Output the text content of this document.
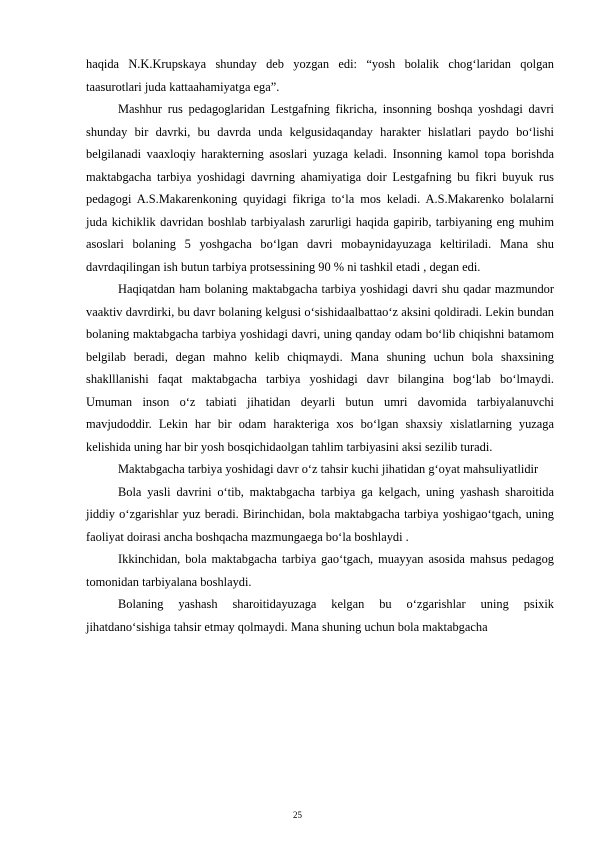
haqida N.K.Krupskaya shunday deb yozgan edi: “yosh bolalik chog‘laridan qolgan taasurotlari juda kattaahamiyatga ega”.

Mashhur rus pedagoglaridan Lestgafning fikricha, insonning boshqa yoshdagi davri shunday bir davrki, bu davrda unda kelgusidaqanday harakter hislatlari paydo bo‘lishi belgilanadi vaaxloqiy harakterning asoslari yuzaga keladi. Insonning kamol topa borishda maktabgacha tarbiya yoshidagi davrning ahamiyatiga doir Lestgafning bu fikri buyuk rus pedagogi A.S.Makarenkoning quyidagi fikriga to‘la mos keladi. A.S.Makarenko bolalarni juda kichiklik davridan boshlab tarbiyalash zarurligi haqida gapirib, tarbiyaning eng muhim asoslari bolaning 5 yoshgacha bo‘lgan davri mobaynidayuzaga keltiriladi. Mana shu davrdaqilingan ish butun tarbiya protsessining 90 % ni tashkil etadi , degan edi.

Haqiqatdan ham bolaning maktabgacha tarbiya yoshidagi davri shu qadar mazmundor vaaktiv davrdirki, bu davr bolaning kelgusi o‘sishidaalbattao‘z aksini qoldiradi. Lekin bundan bolaning maktabgacha tarbiya yoshidagi davri, uning qanday odam bo‘lib chiqishni batamom belgilab beradi, degan mahno kelib chiqmaydi. Mana shuning uchun bola shaxsining shaklllanishi faqat maktabgacha tarbiya yoshidagi davr bilangina bog‘lab bo‘lmaydi. Umuman inson o‘z tabiati jihatidan deyarli butun umri davomida tarbiyalanuvchi mavjudoddir. Lekin har bir odam harakteriga xos bo‘lgan shaxsiy xislatlarning yuzaga kelishida uning har bir yosh bosqichidaolgan tahlim tarbiyasini aksi sezilib turadi.

Maktabgacha tarbiya yoshidagi davr o‘z tahsir kuchi jihatidan g‘oyat mahsuliyatlidir

Bola yasli davrini o‘tib, maktabgacha tarbiya ga kelgach, uning yashash sharoitida jiddiy o‘zgarishlar yuz beradi. Birinchidan, bola maktabgacha tarbiya yoshigao‘tgach, uning faoliyat doirasi ancha boshqacha mazmungaega bo‘la boshlaydi .

Ikkinchidan, bola maktabgacha tarbiya gao‘tgach, muayyan asosida mahsus pedagog tomonidan tarbiyalana boshlaydi.

Bolaning yashash sharoitidayuzaga kelgan bu o‘zgarishlar uning psixik jihatdano‘sishiga tahsir etmay qolmaydi. Mana shuning uchun bola maktabgacha

25
